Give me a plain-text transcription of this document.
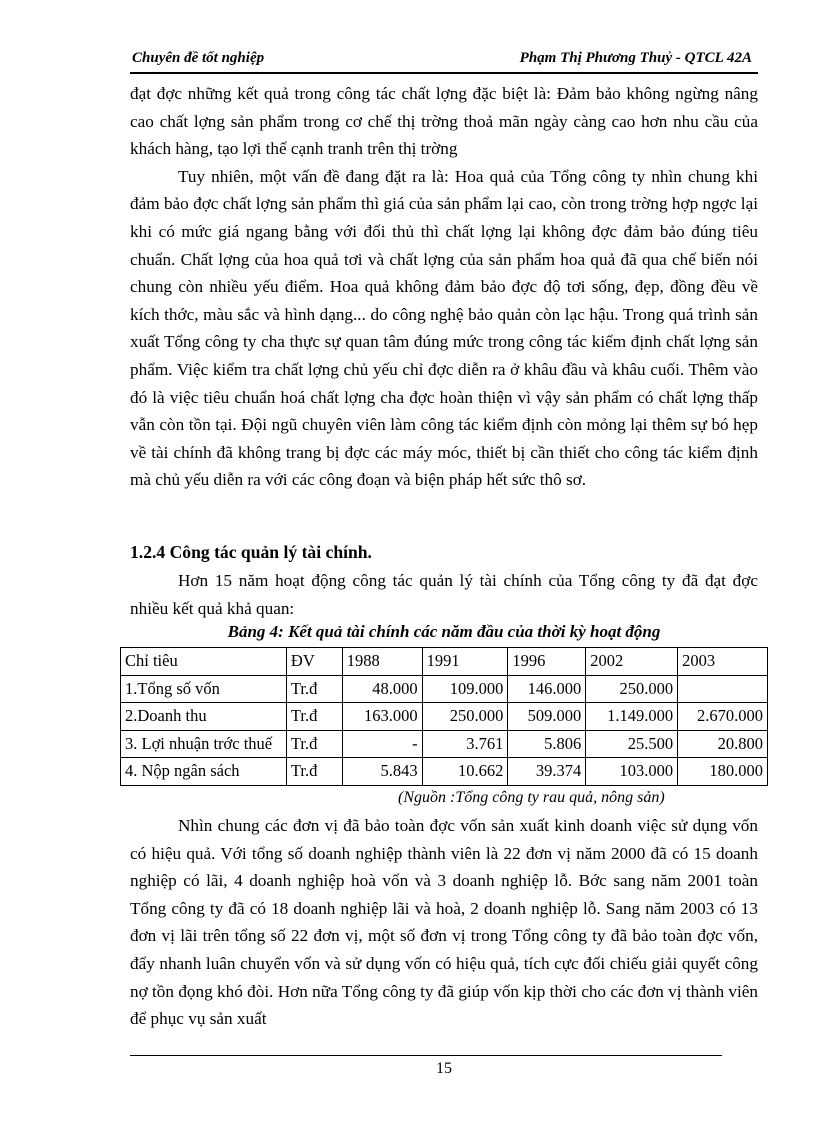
Chuyên đề tốt nghiệp	Phạm Thị Phương Thuỷ - QTCL 42A

đạt đợc những kết quả trong công tác chất lợng đặc biệt là: Đảm bảo không ngừng nâng cao chất lợng sản phẩm trong cơ chế thị trờng thoả mãn ngày càng cao hơn nhu cầu của khách hàng, tạo lợi thế cạnh tranh trên thị trờng

Tuy nhiên, một vấn đề đang đặt ra là: Hoa quả của Tổng công ty nhìn chung khi đảm bảo đợc chất lợng sản phẩm thì giá của sản phẩm lại cao, còn trong trờng hợp ngợc lại khi có mức giá ngang bằng với đối thủ thì chất lợng lại không đợc đảm bảo đúng tiêu chuẩn. Chất lợng của hoa quả tơi và chất lợng của sản phẩm hoa quả đã qua chế biến nói chung còn nhiều yếu điểm. Hoa quả không đảm bảo đợc độ tơi sống, đẹp, đồng đều về kích thớc, màu sắc và hình dạng... do công nghệ bảo quản còn lạc hậu. Trong quá trình sản xuất Tổng công ty cha thực sự quan tâm đúng mức trong công tác kiểm định chất lợng sản phẩm. Việc kiểm tra chất lợng chủ yếu chỉ đợc diễn ra ở khâu đầu và khâu cuối. Thêm vào đó là việc tiêu chuẩn hoá chất lợng cha đợc hoàn thiện vì vậy sản phẩm có chất lợng thấp vẫn còn tồn tại. Đội ngũ chuyên viên làm công tác kiểm định còn mỏng lại thêm sự bó hẹp về tài chính đã không trang bị đợc các máy móc, thiết bị cần thiết cho công tác kiểm định mà chủ yếu diễn ra với các công đoạn và biện pháp hết sức thô sơ.

1.2.4 Công tác quản lý tài chính.

Hơn 15 năm hoạt động công tác quản lý tài chính của Tổng công ty đã đạt đợc nhiều kết quả khả quan:

Bảng 4: Kết quả tài chính các năm đầu của thời kỳ hoạt động
Chỉ tiêu	ĐV	1988	1991	1996	2002	2003
1.Tổng số vốn	Tr.đ	48.000	109.000	146.000	250.000	
2.Doanh thu	Tr.đ	163.000	250.000	509.000	1.149.000	2.670.000
3. Lợi nhuận trớc thuế	Tr.đ	-	3.761	5.806	25.500	20.800
4. Nộp ngân sách	Tr.đ	5.843	10.662	39.374	103.000	180.000
(Nguồn :Tổng công ty rau quả, nông sản)

Nhìn chung các đơn vị đã bảo toàn đợc vốn sản xuất kinh doanh việc sử dụng vốn có hiệu quả. Với tổng số doanh nghiệp thành viên là 22 đơn vị năm 2000 đã có 15 doanh nghiệp có lãi, 4 doanh nghiệp hoà vốn và 3 doanh nghiệp lỗ. Bớc sang năm 2001 toàn Tổng công ty đã có 18 doanh nghiệp lãi và hoà, 2 doanh nghiệp lỗ. Sang năm 2003 có 13 đơn vị lãi trên tổng số 22 đơn vị, một số đơn vị trong Tổng công ty đã bảo toàn đợc vốn, đẩy nhanh luân chuyển vốn và sử dụng vốn có hiệu quả, tích cực đối chiếu giải quyết công nợ tồn đọng khó đòi. Hơn nữa Tổng công ty đã giúp vốn kịp thời cho các đơn vị thành viên để phục vụ sản xuất

15
